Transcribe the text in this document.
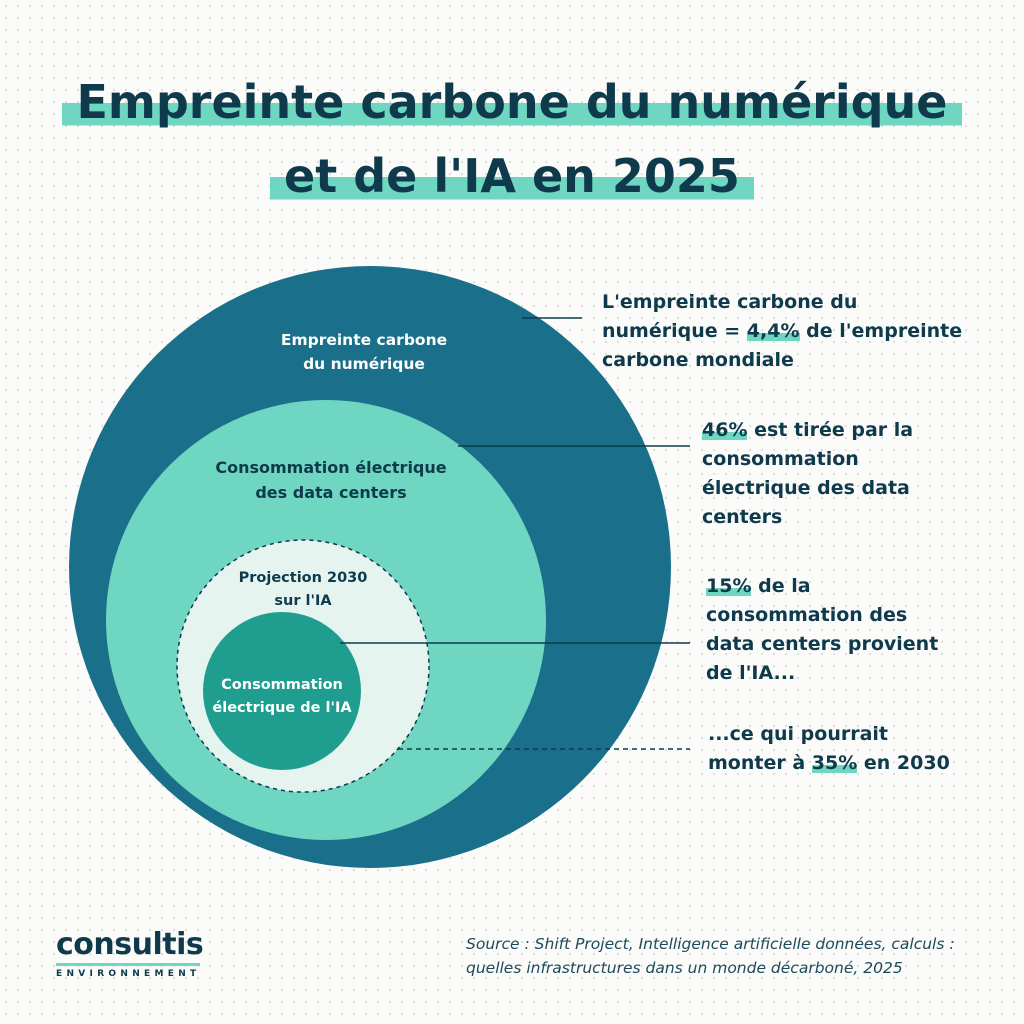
Empreinte carbone du numérique
et de l'IA en 2025
Empreinte carbone
du numérique
Consommation électrique
des data centers
Projection 2030
sur l'IA
Consommation
électrique de l'IA
L'empreinte carbone du
numérique = 4,4% de l'empreinte
carbone mondiale
46% est tirée par la
consommation
électrique des data
centers
15% de la
consommation des
data centers provient
de l'IA...
...ce qui pourrait
monter à 35% en 2030
consultis
ENVIRONNEMENT
Source : Shift Project, Intelligence artificielle données, calculs :
quelles infrastructures dans un monde décarboné, 2025
